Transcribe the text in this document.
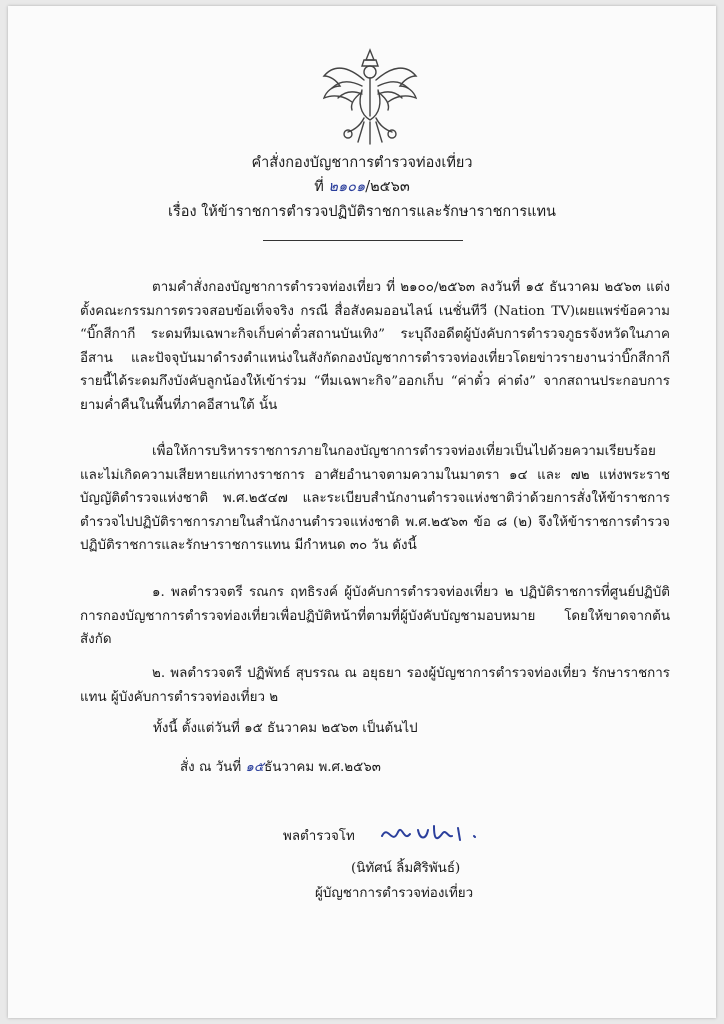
คำสั่งกองบัญชาการตำรวจท่องเที่ยว
ที่ ๒๑๐๑/๒๕๖๓
เรื่อง ให้ข้าราชการตำรวจปฏิบัติราชการและรักษาราชการแทน
ตามคำสั่งกองบัญชาการตำรวจท่องเที่ยว ที่ ๒๑๐๐/๒๕๖๓ ลงวันที่ ๑๕ ธันวาคม ๒๕๖๓ แต่งตั้งคณะกรรมการตรวจสอบข้อเท็จจริง กรณี สื่อสังคมออนไลน์ เนชั่นทีวี (Nation TV)เผยแพร่ข้อความ “บิ๊กสีกากี ระดมทีมเฉพาะกิจเก็บค่าตั๋วสถานบันเทิง” ระบุถึงอดีตผู้บังคับการตำรวจภูธรจังหวัดในภาคอีสาน และปัจจุบันมาดำรงตำแหน่งในสังกัดกองบัญชาการตำรวจท่องเที่ยวโดยข่าวรายงานว่าบิ๊กสีกากีรายนี้ได้ระดมกึงบังคับลูกน้องให้เข้าร่วม “ทีมเฉพาะกิจ”ออกเก็บ “ค่าตั๋ว ค่าต๋ง” จากสถานประกอบการยามค่ำคืนในพื้นที่ภาคอีสานใต้ นั้น
เพื่อให้การบริหารราชการภายในกองบัญชาการตำรวจท่องเที่ยวเป็นไปด้วยความเรียบร้อย และไม่เกิดความเสียหายแก่ทางราชการ อาศัยอำนาจตามความในมาตรา ๑๔ และ ๗๒ แห่งพระราชบัญญัติตำรวจแห่งชาติ พ.ศ.๒๕๔๗ และระเบียบสำนักงานตำรวจแห่งชาติว่าด้วยการสั่งให้ข้าราชการตำรวจไปปฏิบัติราชการภายในสำนักงานตำรวจแห่งชาติ พ.ศ.๒๕๖๓ ข้อ ๘ (๒) จึงให้ข้าราชการตำรวจปฏิบัติราชการและรักษาราชการแทน มีกำหนด ๓๐ วัน ดังนี้
๑. พลตำรวจตรี รณกร ฤทธิรงค์ ผู้บังคับการตำรวจท่องเที่ยว ๒ ปฏิบัติราชการที่ศูนย์ปฏิบัติการกองบัญชาการตำรวจท่องเที่ยวเพื่อปฏิบัติหน้าที่ตามที่ผู้บังคับบัญชามอบหมาย โดยให้ขาดจากต้นสังกัด
๒. พลตำรวจตรี ปฏิพัทธ์ สุบรรณ ณ อยุธยา รองผู้บัญชาการตำรวจท่องเที่ยว รักษาราชการแทน ผู้บังคับการตำรวจท่องเที่ยว ๒
ทั้งนี้ ตั้งแต่วันที่ ๑๕ ธันวาคม ๒๕๖๓ เป็นต้นไป
สั่ง ณ วันที่ ๑๕ธันวาคม พ.ศ.๒๕๖๓
พลตำรวจโท
(นิทัศน์ ลิ้มศิริพันธ์)
ผู้บัญชาการตำรวจท่องเที่ยว
